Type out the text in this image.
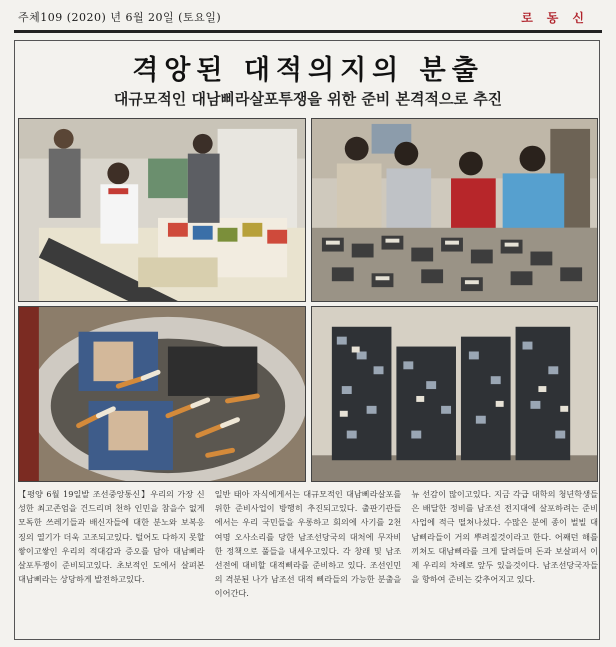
주체109 (2020) 년 6월 20일 (토요일)	로동신
격앙된 대적의지의 분출
대규모적인 대남삐라살포투쟁을 위한 준비 본격적으로 추진

【평양 6월 19일발 조선중앙통신】우리의 가장 신성한 최고존엄을 건드리며 천하 인민을 참을수 없게 모독한 쓰레기들과 배신자들에 대한 분노와 보복응징의 열기가 더욱 고조되고있다. 털어도 다하지 못할 쌓이고쌓인 우리의 적대감과 증오를 담아 대남삐라살포투쟁이 준비되고있다. 초보적인 도에서 살펴본 대남삐라는 상당하게 발전하고있다.

일반 태아 자식에게서는 대규모적인 대남삐라살포를 위한 준비사업이 방행히 추진되고있다. 출판기관들에서는 우리 국민들을 우롱하고 회의에 사기를 2천여명 오사소리를 당한 남조선당국의 대처에 무자비한 정책으로 풀들을 내세우고있다. 각 창래 및 남조선전에 대비할 대적삐라를 준비하고 있다. 조선인민의 격분된 나가 남조선 대적 삐라들의 가능한 분출을 이어간다.

뉴 선감이 많이고있다. 지금 각급 대학의 청년학생들은 배달한 정비를 남조선 전지대에 살포하려는 준비사업에 적극 떨쳐나섰다. 수많은 분에 종이 벌빌 대남삐라들이 거의 뿌려질것이라고 한다. 어째던 해를 끼쳐도 대남삐라를 크게 달려들며 돈과 보살펴서 이제 우리의 차례로 앞두 있을것이다. 남조선당국자들을 향하여 준비는 갖추어지고 있다.
